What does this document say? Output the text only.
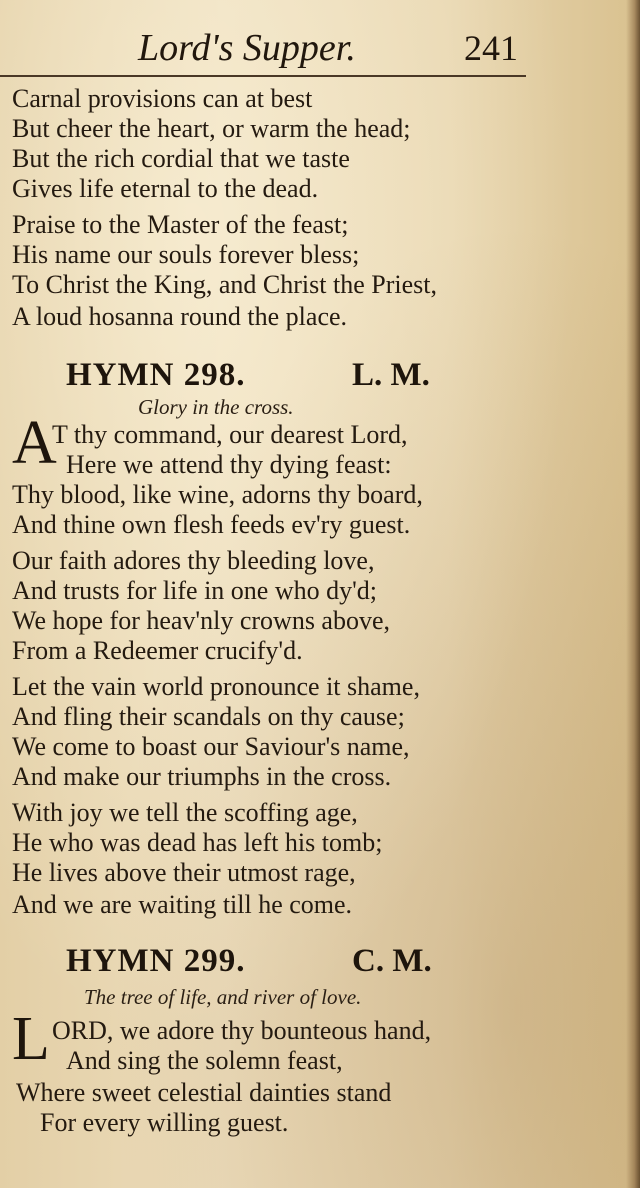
Lord's Supper.	241
Carnal provisions can at best
But cheer the heart, or warm the head;
But the rich cordial that we taste
Gives life eternal to the dead.
Praise to the Master of the feast;
His name our souls forever bless;
To Christ the King, and Christ the Priest,
A loud hosanna round the place.
HYMN 298.	L. M.
Glory in the cross.
A
T thy command, our dearest Lord,
Here we attend thy dying feast:
Thy blood, like wine, adorns thy board,
And thine own flesh feeds ev'ry guest.
Our faith adores thy bleeding love,
And trusts for life in one who dy'd;
We hope for heav'nly crowns above,
From a Redeemer crucify'd.
Let the vain world pronounce it shame,
And fling their scandals on thy cause;
We come to boast our Saviour's name,
And make our triumphs in the cross.
With joy we tell the scoffing age,
He who was dead has left his tomb;
He lives above their utmost rage,
And we are waiting till he come.
HYMN 299.	C. M.
The tree of life, and river of love.
L ORD, we adore thy bounteous hand,
And sing the solemn feast,
Where sweet celestial dainties stand
For every willing guest.
